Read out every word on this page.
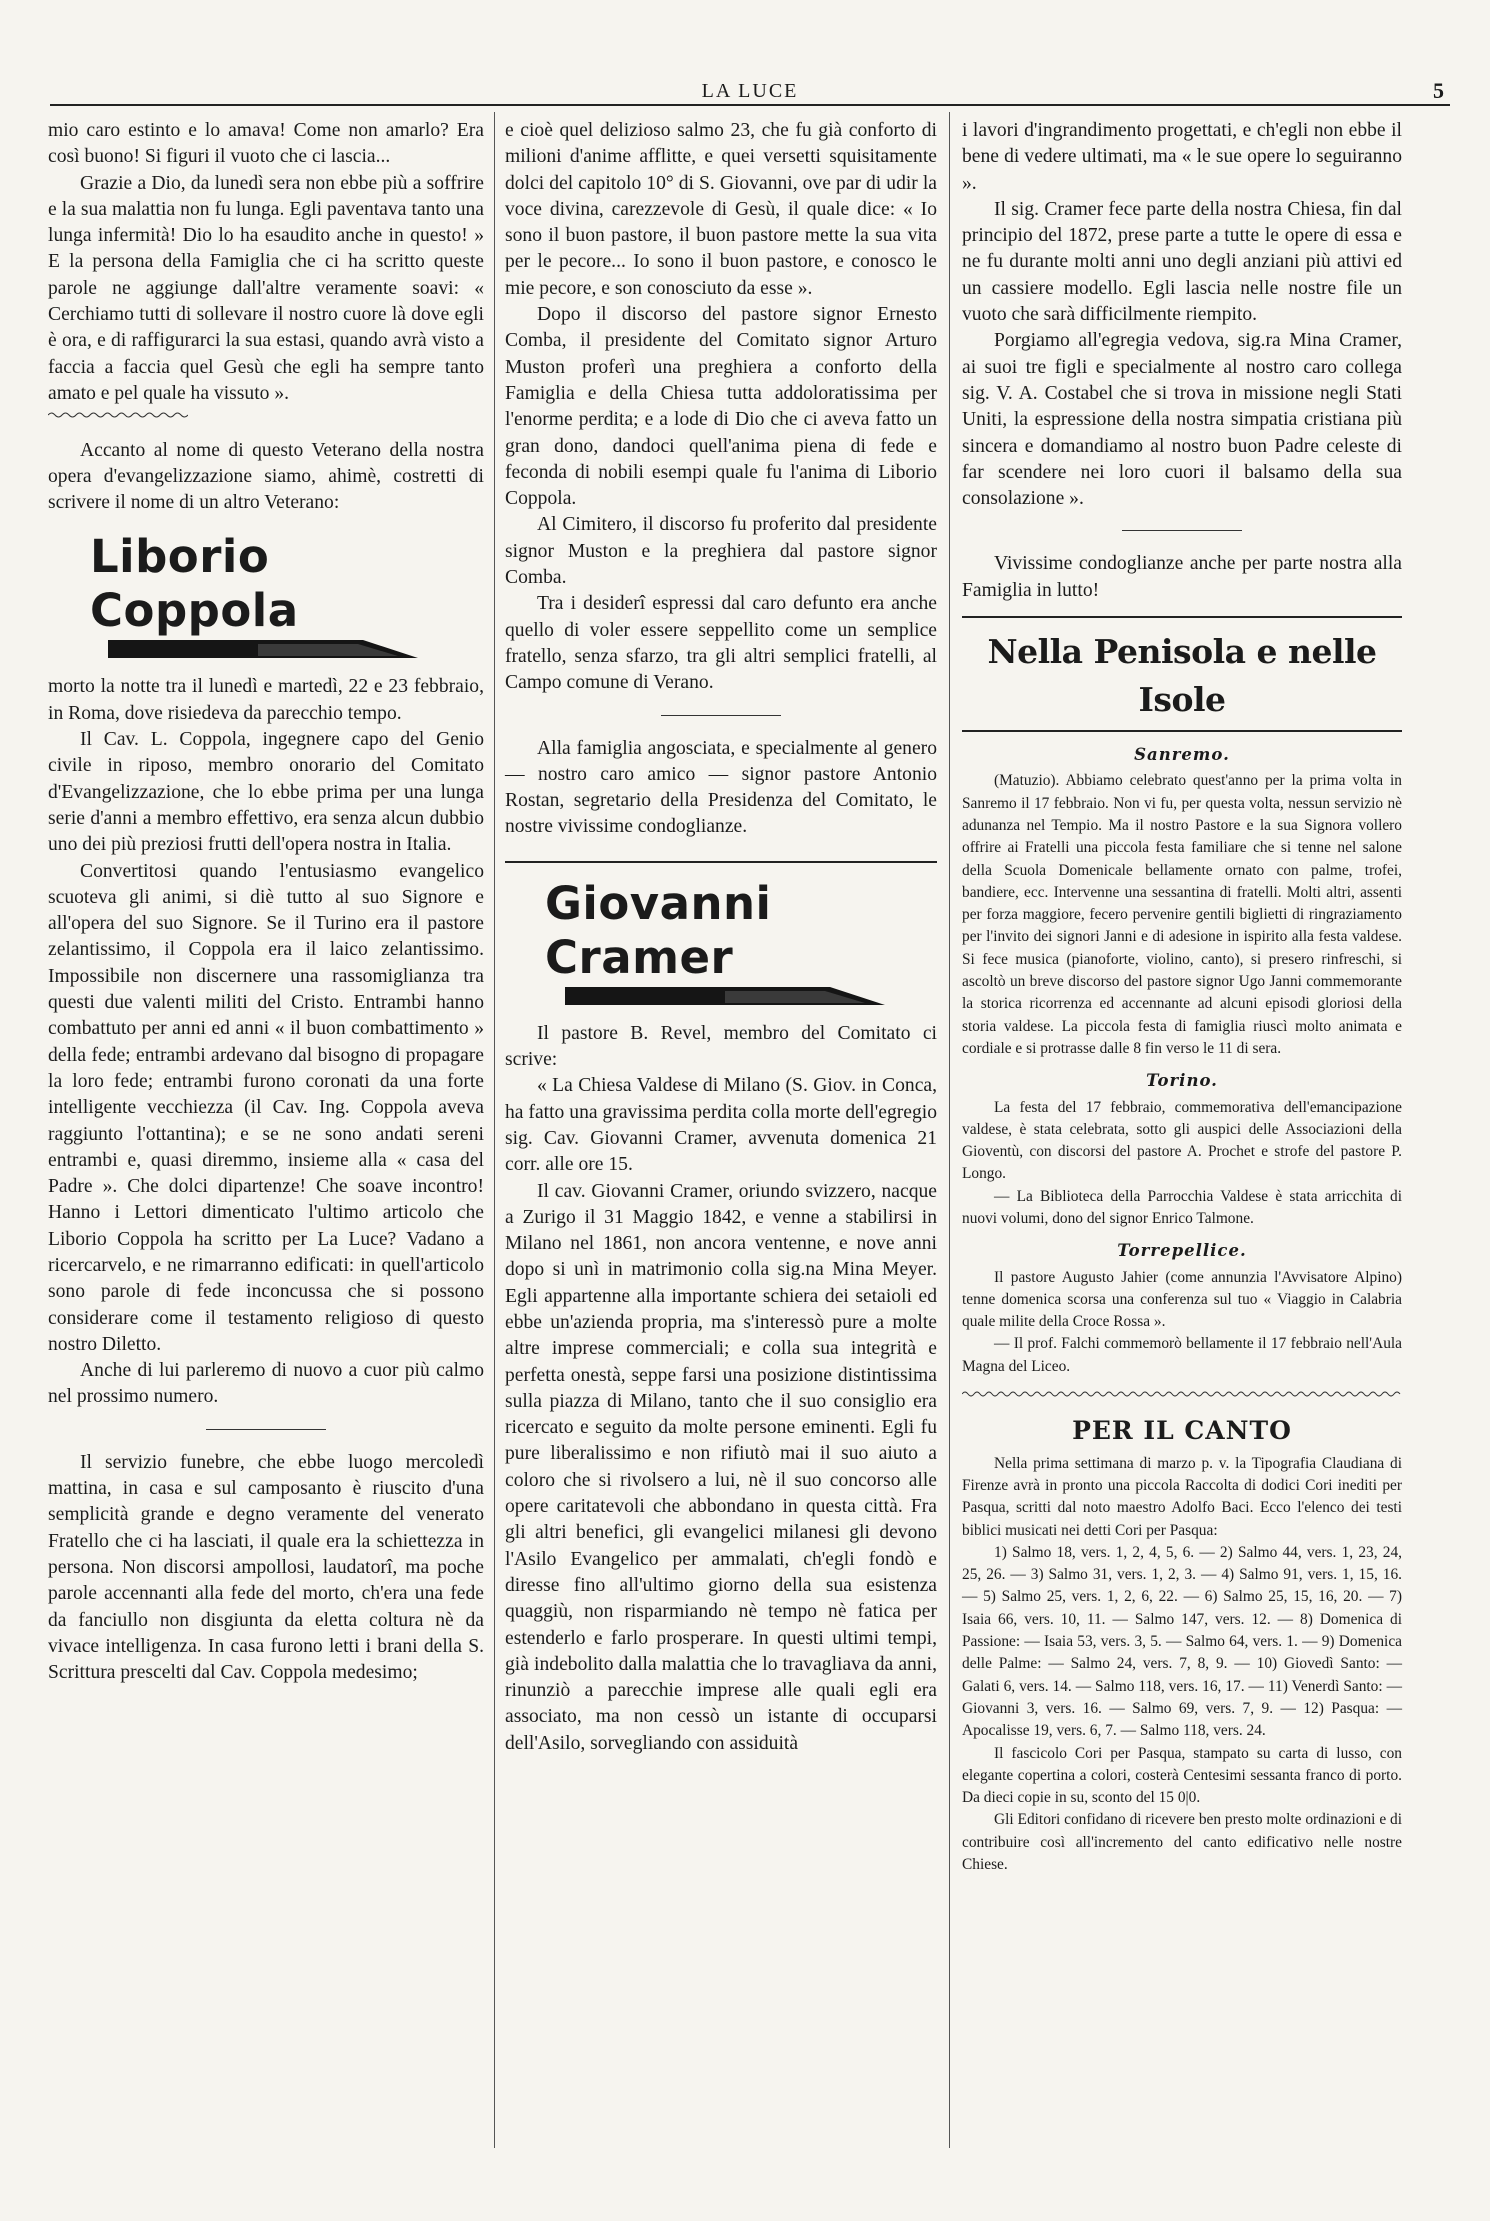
LA LUCE	5

mio caro estinto e lo amava! Come non amarlo? Era così buono! Si figuri il vuoto che ci lascia...

Grazie a Dio, da lunedì sera non ebbe più a soffrire e la sua malattia non fu lunga. Egli paventava tanto una lunga infermità! Dio lo ha esaudito anche in questo! » E la persona della Famiglia che ci ha scritto queste parole ne aggiunge dall'altre veramente soavi: « Cerchiamo tutti di sollevare il nostro cuore là dove egli è ora, e di raffigurarci la sua estasi, quando avrà visto a faccia a faccia quel Gesù che egli ha sempre tanto amato e pel quale ha vissuto ».

Accanto al nome di questo Veterano della nostra opera d'evangelizzazione siamo, ahimè, costretti di scrivere il nome di un altro Veterano:

Liborio Coppola

morto la notte tra il lunedì e martedì, 22 e 23 febbraio, in Roma, dove risiedeva da parecchio tempo.

Il Cav. L. Coppola, ingegnere capo del Genio civile in riposo, membro onorario del Comitato d'Evangelizzazione, che lo ebbe prima per una lunga serie d'anni a membro effettivo, era senza alcun dubbio uno dei più preziosi frutti dell'opera nostra in Italia.

Convertitosi quando l'entusiasmo evangelico scuoteva gli animi, si diè tutto al suo Signore e all'opera del suo Signore. Se il Turino era il pastore zelantissimo, il Coppola era il laico zelantissimo. Impossibile non discernere una rassomiglianza tra questi due valenti militi del Cristo. Entrambi hanno combattuto per anni ed anni « il buon combattimento » della fede; entrambi ardevano dal bisogno di propagare la loro fede; entrambi furono coronati da una forte intelligente vecchiezza (il Cav. Ing. Coppola aveva raggiunto l'ottantina); e se ne sono andati sereni entrambi e, quasi diremmo, insieme alla « casa del Padre ». Che dolci dipartenze! Che soave incontro! Hanno i Lettori dimenticato l'ultimo articolo che Liborio Coppola ha scritto per La Luce? Vadano a ricercarvelo, e ne rimarranno edificati: in quell'articolo sono parole di fede inconcussa che si possono considerare come il testamento religioso di questo nostro Diletto.

Anche di lui parleremo di nuovo a cuor più calmo nel prossimo numero.

Il servizio funebre, che ebbe luogo mercoledì mattina, in casa e sul camposanto è riuscito d'una semplicità grande e degno veramente del venerato Fratello che ci ha lasciati, il quale era la schiettezza in persona. Non discorsi ampollosi, laudatorî, ma poche parole accennanti alla fede del morto, ch'era una fede da fanciullo non disgiunta da eletta coltura nè da vivace intelligenza. In casa furono letti i brani della S. Scrittura prescelti dal Cav. Coppola medesimo;

e cioè quel delizioso salmo 23, che fu già conforto di milioni d'anime afflitte, e quei versetti squisitamente dolci del capitolo 10° di S. Giovanni, ove par di udir la voce divina, carezzevole di Gesù, il quale dice: « Io sono il buon pastore, il buon pastore mette la sua vita per le pecore... Io sono il buon pastore, e conosco le mie pecore, e son conosciuto da esse ».

Dopo il discorso del pastore signor Ernesto Comba, il presidente del Comitato signor Arturo Muston proferì una preghiera a conforto della Famiglia e della Chiesa tutta addoloratissima per l'enorme perdita; e a lode di Dio che ci aveva fatto un gran dono, dandoci quell'anima piena di fede e feconda di nobili esempi quale fu l'anima di Liborio Coppola.

Al Cimitero, il discorso fu proferito dal presidente signor Muston e la preghiera dal pastore signor Comba.

Tra i desiderî espressi dal caro defunto era anche quello di voler essere seppellito come un semplice fratello, senza sfarzo, tra gli altri semplici fratelli, al Campo comune di Verano.

Alla famiglia angosciata, e specialmente al genero — nostro caro amico — signor pastore Antonio Rostan, segretario della Presidenza del Comitato, le nostre vivissime condoglianze.

Giovanni Cramer

Il pastore B. Revel, membro del Comitato ci scrive:

« La Chiesa Valdese di Milano (S. Giov. in Conca, ha fatto una gravissima perdita colla morte dell'egregio sig. Cav. Giovanni Cramer, avvenuta domenica 21 corr. alle ore 15.

Il cav. Giovanni Cramer, oriundo svizzero, nacque a Zurigo il 31 Maggio 1842, e venne a stabilirsi in Milano nel 1861, non ancora ventenne, e nove anni dopo si unì in matrimonio colla sig.na Mina Meyer. Egli appartenne alla importante schiera dei setaioli ed ebbe un'azienda propria, ma s'interessò pure a molte altre imprese commerciali; e colla sua integrità e perfetta onestà, seppe farsi una posizione distintissima sulla piazza di Milano, tanto che il suo consiglio era ricercato e seguito da molte persone eminenti. Egli fu pure liberalissimo e non rifiutò mai il suo aiuto a coloro che si rivolsero a lui, nè il suo concorso alle opere caritatevoli che abbondano in questa città. Fra gli altri benefici, gli evangelici milanesi gli devono l'Asilo Evangelico per ammalati, ch'egli fondò e diresse fino all'ultimo giorno della sua esistenza quaggiù, non risparmiando nè tempo nè fatica per estenderlo e farlo prosperare. In questi ultimi tempi, già indebolito dalla malattia che lo travagliava da anni, rinunziò a parecchie imprese alle quali egli era associato, ma non cessò un istante di occuparsi dell'Asilo, sorvegliando con assiduità

i lavori d'ingrandimento progettati, e ch'egli non ebbe il bene di vedere ultimati, ma « le sue opere lo seguiranno ».

Il sig. Cramer fece parte della nostra Chiesa, fin dal principio del 1872, prese parte a tutte le opere di essa e ne fu durante molti anni uno degli anziani più attivi ed un cassiere modello. Egli lascia nelle nostre file un vuoto che sarà difficilmente riempito.

Porgiamo all'egregia vedova, sig.ra Mina Cramer, ai suoi tre figli e specialmente al nostro caro collega sig. V. A. Costabel che si trova in missione negli Stati Uniti, la espressione della nostra simpatia cristiana più sincera e domandiamo al nostro buon Padre celeste di far scendere nei loro cuori il balsamo della sua consolazione ».

Vivissime condoglianze anche per parte nostra alla Famiglia in lutto!

Nella Penisola e nelle Isole
Sanremo.

(Matuzio). Abbiamo celebrato quest'anno per la prima volta in Sanremo il 17 febbraio. Non vi fu, per questa volta, nessun servizio nè adunanza nel Tempio. Ma il nostro Pastore e la sua Signora vollero offrire ai Fratelli una piccola festa familiare che si tenne nel salone della Scuola Domenicale bellamente ornato con palme, trofei, bandiere, ecc. Intervenne una sessantina di fratelli. Molti altri, assenti per forza maggiore, fecero pervenire gentili biglietti di ringraziamento per l'invito dei signori Janni e di adesione in ispirito alla festa valdese. Si fece musica (pianoforte, violino, canto), si presero rinfreschi, si ascoltò un breve discorso del pastore signor Ugo Janni commemorante la storica ricorrenza ed accennante ad alcuni episodi gloriosi della storia valdese. La piccola festa di famiglia riuscì molto animata e cordiale e si protrasse dalle 8 fin verso le 11 di sera.

Torino.

La festa del 17 febbraio, commemorativa dell'emancipazione valdese, è stata celebrata, sotto gli auspici delle Associazioni della Gioventù, con discorsi del pastore A. Prochet e strofe del pastore P. Longo.

— La Biblioteca della Parrocchia Valdese è stata arricchita di nuovi volumi, dono del signor Enrico Talmone.

Torrepellice.

Il pastore Augusto Jahier (come annunzia l'Avvisatore Alpino) tenne domenica scorsa una conferenza sul tuo « Viaggio in Calabria quale milite della Croce Rossa ».

— Il prof. Falchi commemorò bellamente il 17 febbraio nell'Aula Magna del Liceo.

PER IL CANTO

Nella prima settimana di marzo p. v. la Tipografia Claudiana di Firenze avrà in pronto una piccola Raccolta di dodici Cori inediti per Pasqua, scritti dal noto maestro Adolfo Baci. Ecco l'elenco dei testi biblici musicati nei detti Cori per Pasqua:

1) Salmo 18, vers. 1, 2, 4, 5, 6. — 2) Salmo 44, vers. 1, 23, 24, 25, 26. — 3) Salmo 31, vers. 1, 2, 3. — 4) Salmo 91, vers. 1, 15, 16. — 5) Salmo 25, vers. 1, 2, 6, 22. — 6) Salmo 25, 15, 16, 20. — 7) Isaia 66, vers. 10, 11. — Salmo 147, vers. 12. — 8) Domenica di Passione: — Isaia 53, vers. 3, 5. — Salmo 64, vers. 1. — 9) Domenica delle Palme: — Salmo 24, vers. 7, 8, 9. — 10) Giovedì Santo: — Galati 6, vers. 14. — Salmo 118, vers. 16, 17. — 11) Venerdì Santo: — Giovanni 3, vers. 16. — Salmo 69, vers. 7, 9. — 12) Pasqua: — Apocalisse 19, vers. 6, 7. — Salmo 118, vers. 24.

Il fascicolo Cori per Pasqua, stampato su carta di lusso, con elegante copertina a colori, costerà Centesimi sessanta franco di porto. Da dieci copie in su, sconto del 15 0|0.

Gli Editori confidano di ricevere ben presto molte ordinazioni e di contribuire così all'incremento del canto edificativo nelle nostre Chiese.
